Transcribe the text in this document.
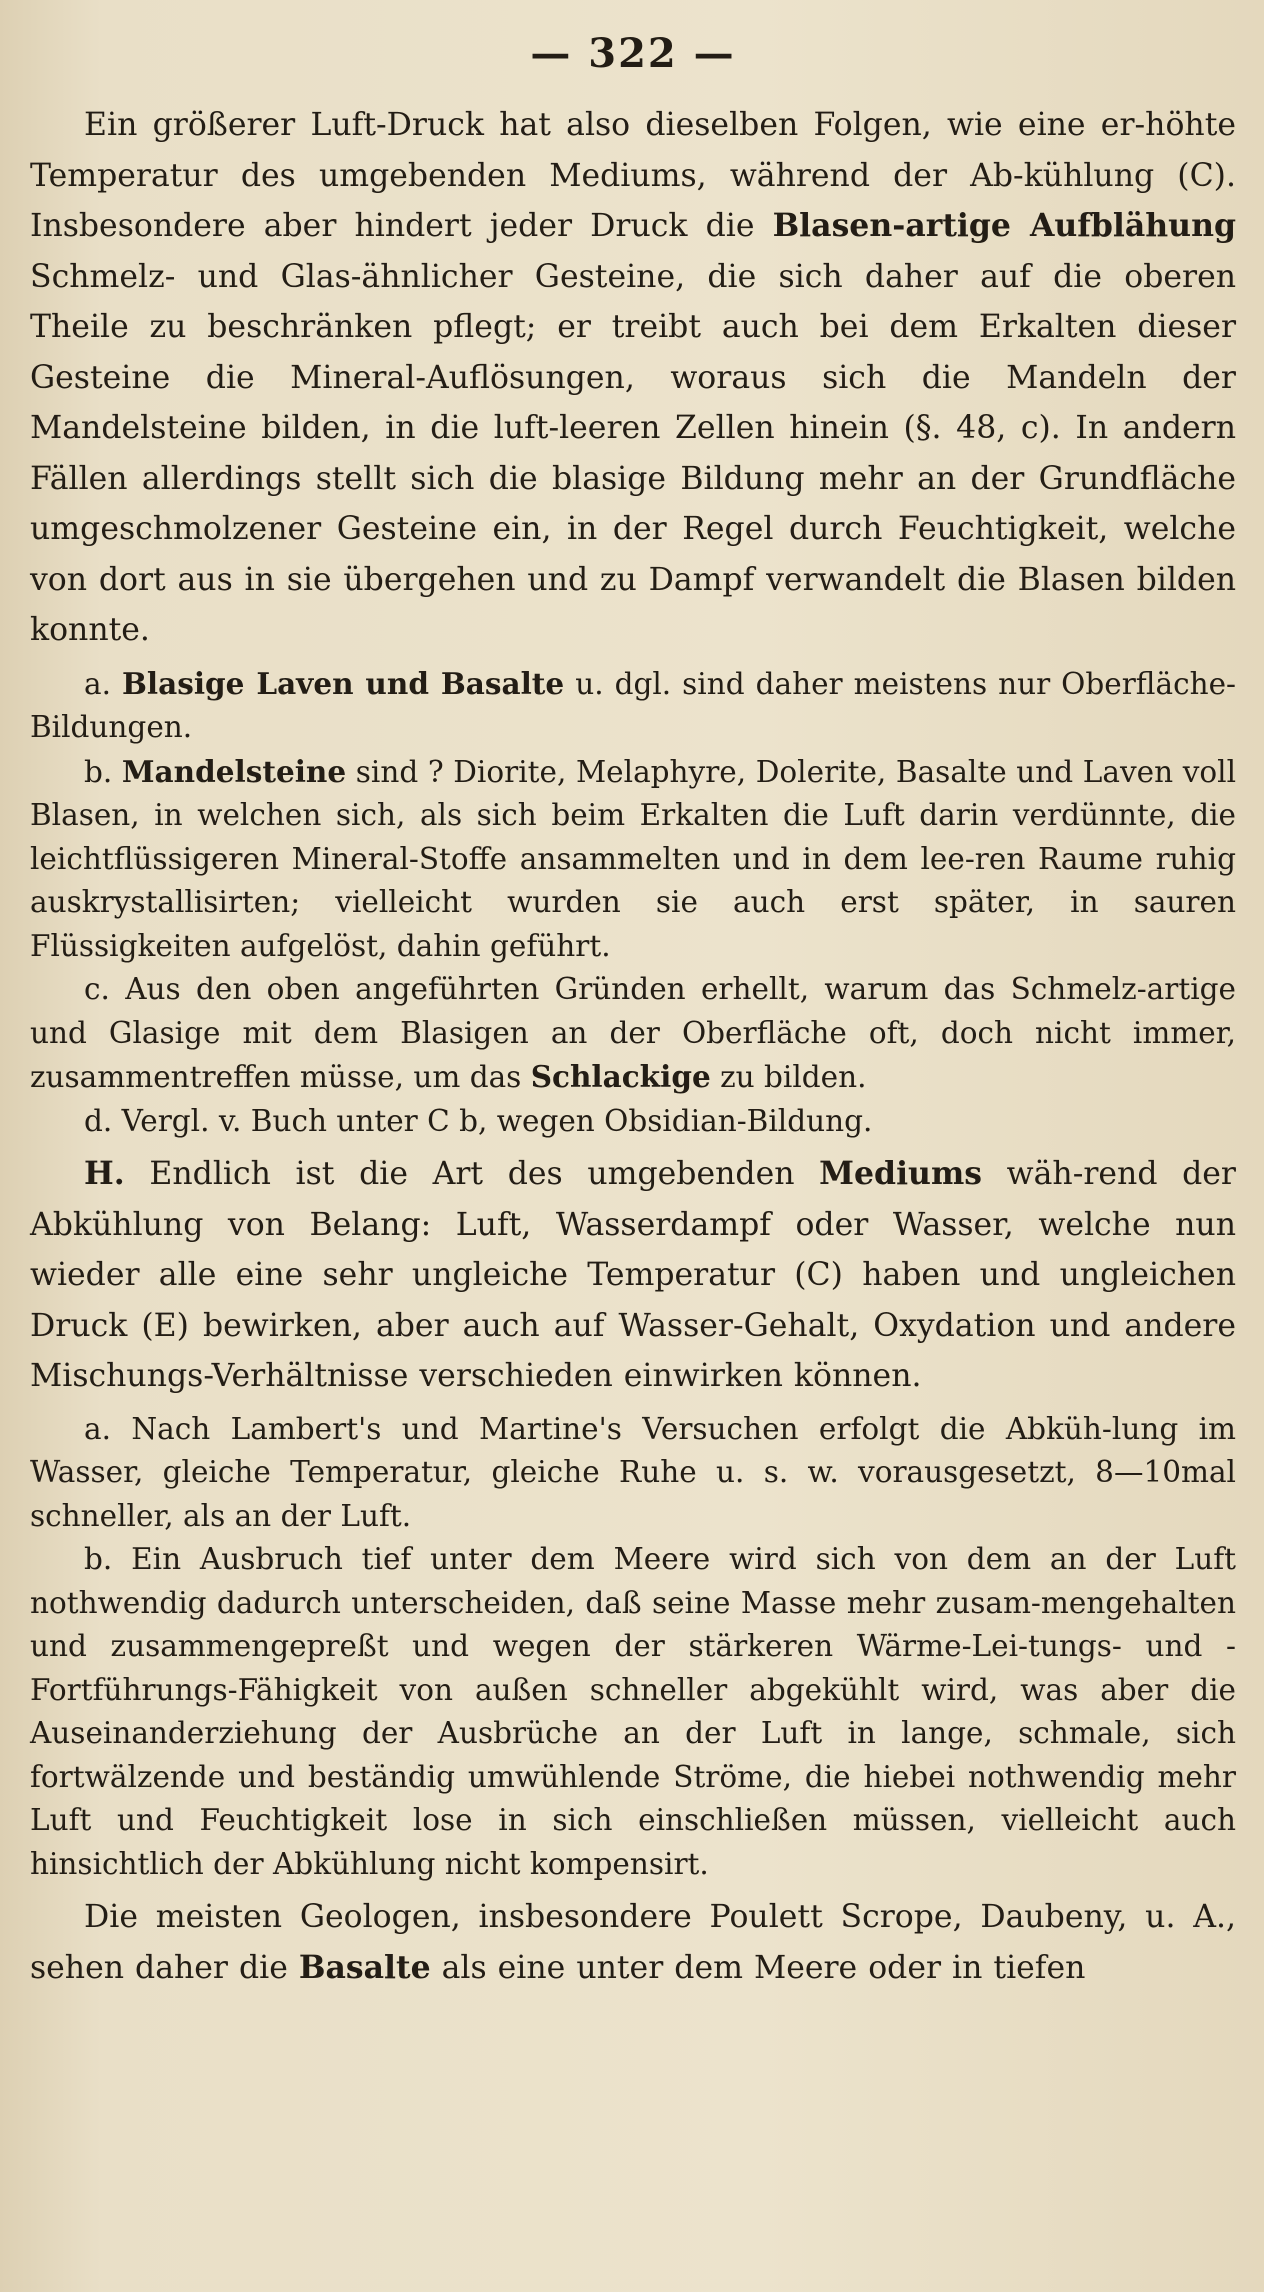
— 322 —

Ein größerer Luft-Druck hat also dieselben Folgen, wie eine er-höhte Temperatur des umgebenden Mediums, während der Ab-kühlung (C). Insbesondere aber hindert jeder Druck die Blasen-artige Aufblähung Schmelz- und Glas-ähnlicher Gesteine, die sich daher auf die oberen Theile zu beschränken pflegt; er treibt auch bei dem Erkalten dieser Gesteine die Mineral-Auflösungen, woraus sich die Mandeln der Mandelsteine bilden, in die luft-leeren Zellen hinein (§. 48, c). In andern Fällen allerdings stellt sich die blasige Bildung mehr an der Grundfläche umgeschmolzener Gesteine ein, in der Regel durch Feuchtigkeit, welche von dort aus in sie übergehen und zu Dampf verwandelt die Blasen bilden konnte.

a. Blasige Laven und Basalte u. dgl. sind daher meistens nur Oberfläche-Bildungen.

b. Mandelsteine sind ? Diorite, Melaphyre, Dolerite, Basalte und Laven voll Blasen, in welchen sich, als sich beim Erkalten die Luft darin verdünnte, die leichtflüssigeren Mineral-Stoffe ansammelten und in dem lee-ren Raume ruhig auskrystallisirten; vielleicht wurden sie auch erst später, in sauren Flüssigkeiten aufgelöst, dahin geführt.

c. Aus den oben angeführten Gründen erhellt, warum das Schmelz-artige und Glasige mit dem Blasigen an der Oberfläche oft, doch nicht immer, zusammentreffen müsse, um das Schlackige zu bilden.

d. Vergl. v. Buch unter C b, wegen Obsidian-Bildung.

H. Endlich ist die Art des umgebenden Mediums wäh-rend der Abkühlung von Belang: Luft, Wasserdampf oder Wasser, welche nun wieder alle eine sehr ungleiche Temperatur (C) haben und ungleichen Druck (E) bewirken, aber auch auf Wasser-Gehalt, Oxydation und andere Mischungs-Verhältnisse verschieden einwirken können.

a. Nach Lambert's und Martine's Versuchen erfolgt die Abküh-lung im Wasser, gleiche Temperatur, gleiche Ruhe u. s. w. vorausgesetzt, 8—10mal schneller, als an der Luft.

b. Ein Ausbruch tief unter dem Meere wird sich von dem an der Luft nothwendig dadurch unterscheiden, daß seine Masse mehr zusam-mengehalten und zusammengepreßt und wegen der stärkeren Wärme-Lei-tungs- und -Fortführungs-Fähigkeit von außen schneller abgekühlt wird, was aber die Auseinanderziehung der Ausbrüche an der Luft in lange, schmale, sich fortwälzende und beständig umwühlende Ströme, die hiebei nothwendig mehr Luft und Feuchtigkeit lose in sich einschließen müssen, vielleicht auch hinsichtlich der Abkühlung nicht kompensirt.

Die meisten Geologen, insbesondere Poulett Scrope, Daubeny, u. A., sehen daher die Basalte als eine unter dem Meere oder in tiefen
